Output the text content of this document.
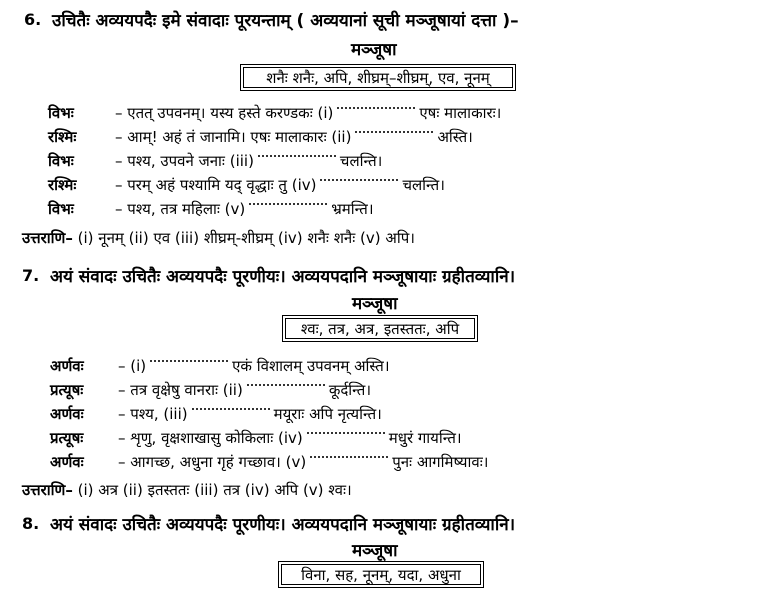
6. उचितैः अव्ययपदैः इमे संवादाः पूरयन्ताम् ( अव्ययानां सूची मञ्जूषायां दत्ता )–
मञ्जूषा
शनैः शनैः, अपि, शीघ्रम्–शीघ्रम्, एव, नूनम्
विभः	– एतत् उपवनम्। यस्य हस्ते करण्डकः (i)	एषः मालाकारः।
रश्मिः	– आम्! अहं तं जानामि। एषः मालाकारः (ii)	अस्ति।
विभः	– पश्य, उपवने जनाः (iii)	चलन्ति।
रश्मिः	– परम् अहं पश्यामि यद् वृद्धाः तु (iv)	चलन्ति।
विभः	– पश्य, तत्र महिलाः (v)	भ्रमन्ति।
उत्तराणि– (i) नूनम् (ii) एव (iii) शीघ्रम्-शीघ्रम् (iv) शनैः शनैः (v) अपि।
7. अयं संवादः उचितैः अव्ययपदैः पूरणीयः। अव्ययपदानि मञ्जूषायाः ग्रहीतव्यानि।
मञ्जूषा
श्वः, तत्र, अत्र, इतस्ततः, अपि
अर्णवः – (i)	एकं विशालम् उपवनम् अस्ति।
प्रत्यूषः – तत्र वृक्षेषु वानराः (ii)	कूर्दन्ति।
अर्णवः – पश्य, (iii)	मयूराः अपि नृत्यन्ति।
प्रत्यूषः – शृणु, वृक्षशाखासु कोकिलाः (iv)	मधुरं गायन्ति।
अर्णवः – आगच्छ, अधुना गृहं गच्छाव। (v)	पुनः आगमिष्यावः।
उत्तराणि– (i) अत्र (ii) इतस्ततः (iii) तत्र (iv) अपि (v) श्वः।
8. अयं संवादः उचितैः अव्ययपदैः पूरणीयः। अव्ययपदानि मञ्जूषायाः ग्रहीतव्यानि।
मञ्जूषा
विना, सह, नूनम्, यदा, अधुना
